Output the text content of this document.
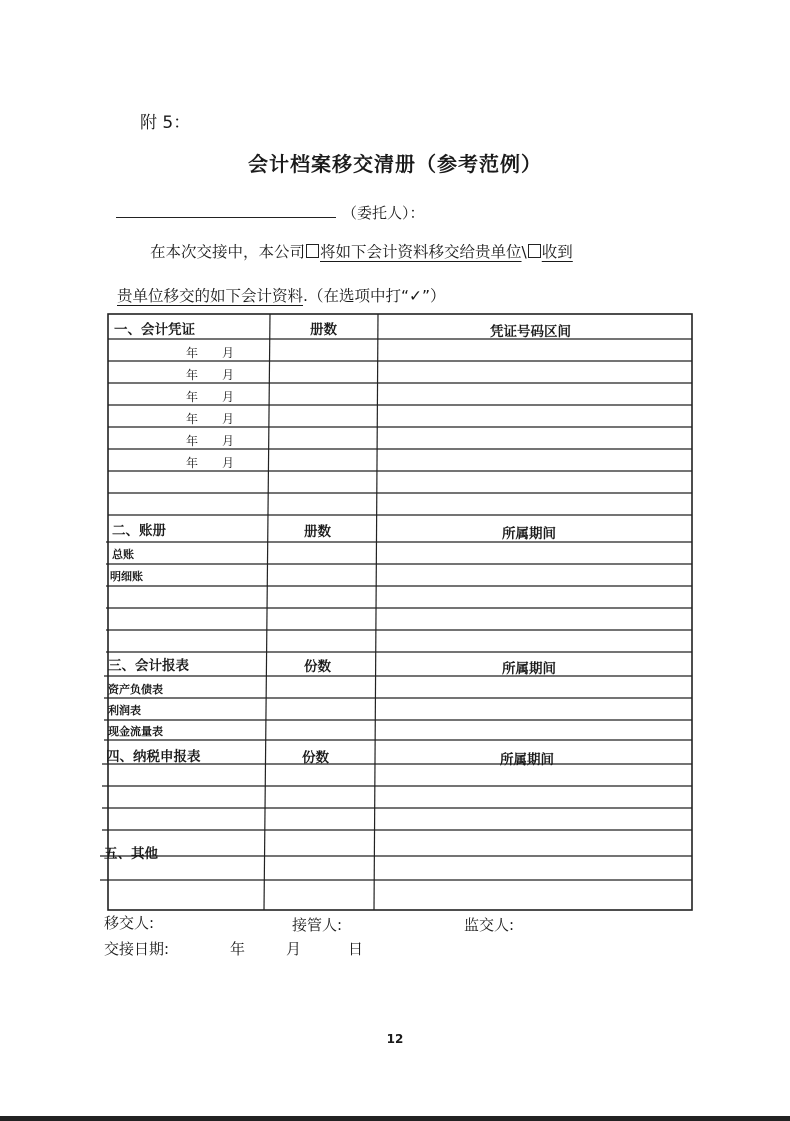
附 5：
会计档案移交清册（参考范例）
（委托人）：
在本次交接中，本公司 将如下会计资料移交给贵单位\ 收到
贵单位移交的如下会计资料.（在选项中打“✓”）
一、会计凭证	册数	凭证号码区间
年　　月
年　　月
年　　月
年　　月
年　　月
年　　月
二、账册	册数	所属期间
总账
明细账
三、会计报表	份数	所属期间
资产负债表
利润表
现金流量表
四、纳税申报表	份数	所属期间
五、其他
移交人:	接管人:	监交人:
交接日期:	年	月	日
12
